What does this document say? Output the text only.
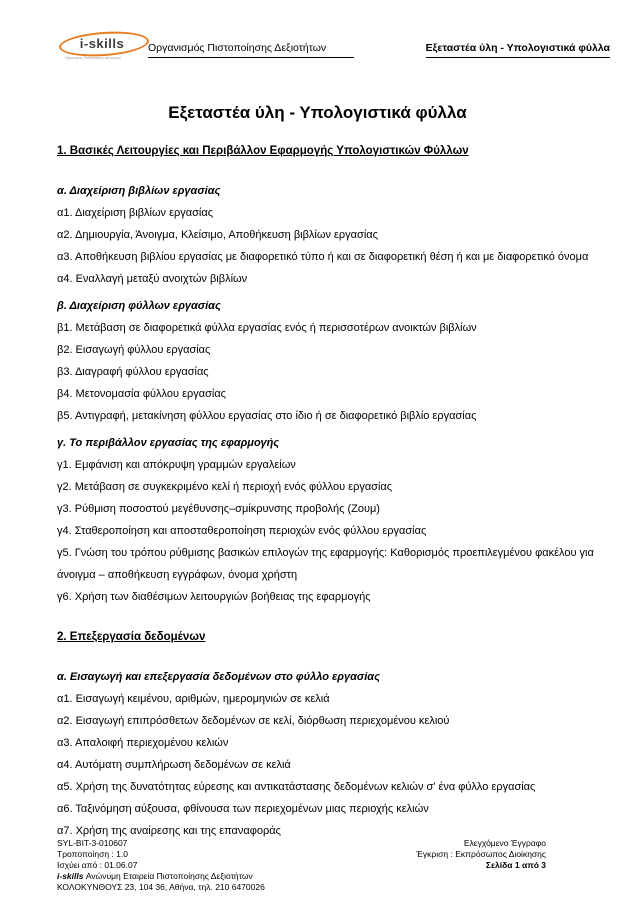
i-skills
Οργανισμός Πιστοποίησης Δεξιοτήτων
Οργανισμός Πιστοποίησης Δεξιοτήτων	Εξεταστέα ύλη - Υπολογιστικά φύλλα
Εξεταστέα ύλη - Υπολογιστικά φύλλα
1. Βασικές Λειτουργίες και Περιβάλλον Εφαρμογής Υπολογιστικών Φύλλων
α. Διαχείριση βιβλίων εργασίας

α1. Διαχείριση βιβλίων εργασίας

α2. Δημιουργία, Άνοιγμα, Κλείσιμο, Αποθήκευση βιβλίων εργασίας

α3. Αποθήκευση βιβλίου εργασίας με διαφορετικό τύπο ή και σε διαφορετική θέση ή και με διαφορετικό όνομα

α4. Εναλλαγή μεταξύ ανοιχτών βιβλίων

β. Διαχείριση φύλλων εργασίας

β1. Μετάβαση σε διαφορετικά φύλλα εργασίας ενός ή περισσοτέρων ανοικτών βιβλίων

β2. Εισαγωγή φύλλου εργασίας

β3. Διαγραφή φύλλου εργασίας

β4. Μετονομασία φύλλου εργασίας

β5. Αντιγραφή, μετακίνηση φύλλου εργασίας στο ίδιο ή σε διαφορετικό βιβλίο εργασίας

γ. Το περιβάλλον εργασίας της εφαρμογής

γ1. Εμφάνιση και απόκρυψη γραμμών εργαλείων

γ2. Μετάβαση σε συγκεκριμένο κελί ή περιοχή ενός φύλλου εργασίας

γ3. Ρύθμιση ποσοστού μεγέθυνσης–σμίκρυνσης προβολής (Ζουμ)

γ4. Σταθεροποίηση και αποσταθεροποίηση περιοχών ενός φύλλου εργασίας

γ5. Γνώση του τρόπου ρύθμισης βασικών επιλογών της εφαρμογής: Καθορισμός προεπιλεγμένου φακέλου για άνοιγμα – αποθήκευση εγγράφων, όνομα χρήστη

γ6. Χρήση των διαθέσιμων λειτουργιών βοήθειας της εφαρμογής

2. Επεξεργασία δεδομένων
α. Εισαγωγή και επεξεργασία δεδομένων στο φύλλο εργασίας

α1. Εισαγωγή κειμένου, αριθμών, ημερομηνιών σε κελιά

α2. Εισαγωγή επιπρόσθετων δεδομένων σε κελί, διόρθωση περιεχομένου κελιού

α3. Απαλοιφή περιεχομένου κελιών

α4. Αυτόματη συμπλήρωση δεδομένων σε κελιά

α5. Χρήση της δυνατότητας εύρεσης και αντικατάστασης δεδομένων κελιών σ' ένα φύλλο εργασίας

α6. Ταξινόμηση αύξουσα, φθίνουσα των περιεχομένων μιας περιοχής κελιών

α7. Χρήση της αναίρεσης και της επαναφοράς

SYL-BIT-3-010607

Τροποποίηση : 1.0

Ισχύει από : 01.06.07

i-skills Ανώνυμη Εταιρεία Πιστοποίησης Δεξιοτήτων

ΚΟΛΟΚΥΝΘΟΥΣ 23, 104 36, Αθήνα, τηλ. 210 6470026

Ελεγχόμενο Έγγραφο

Έγκριση : Εκπρόσωπος Διοίκησης

Σελίδα 1 από 3
